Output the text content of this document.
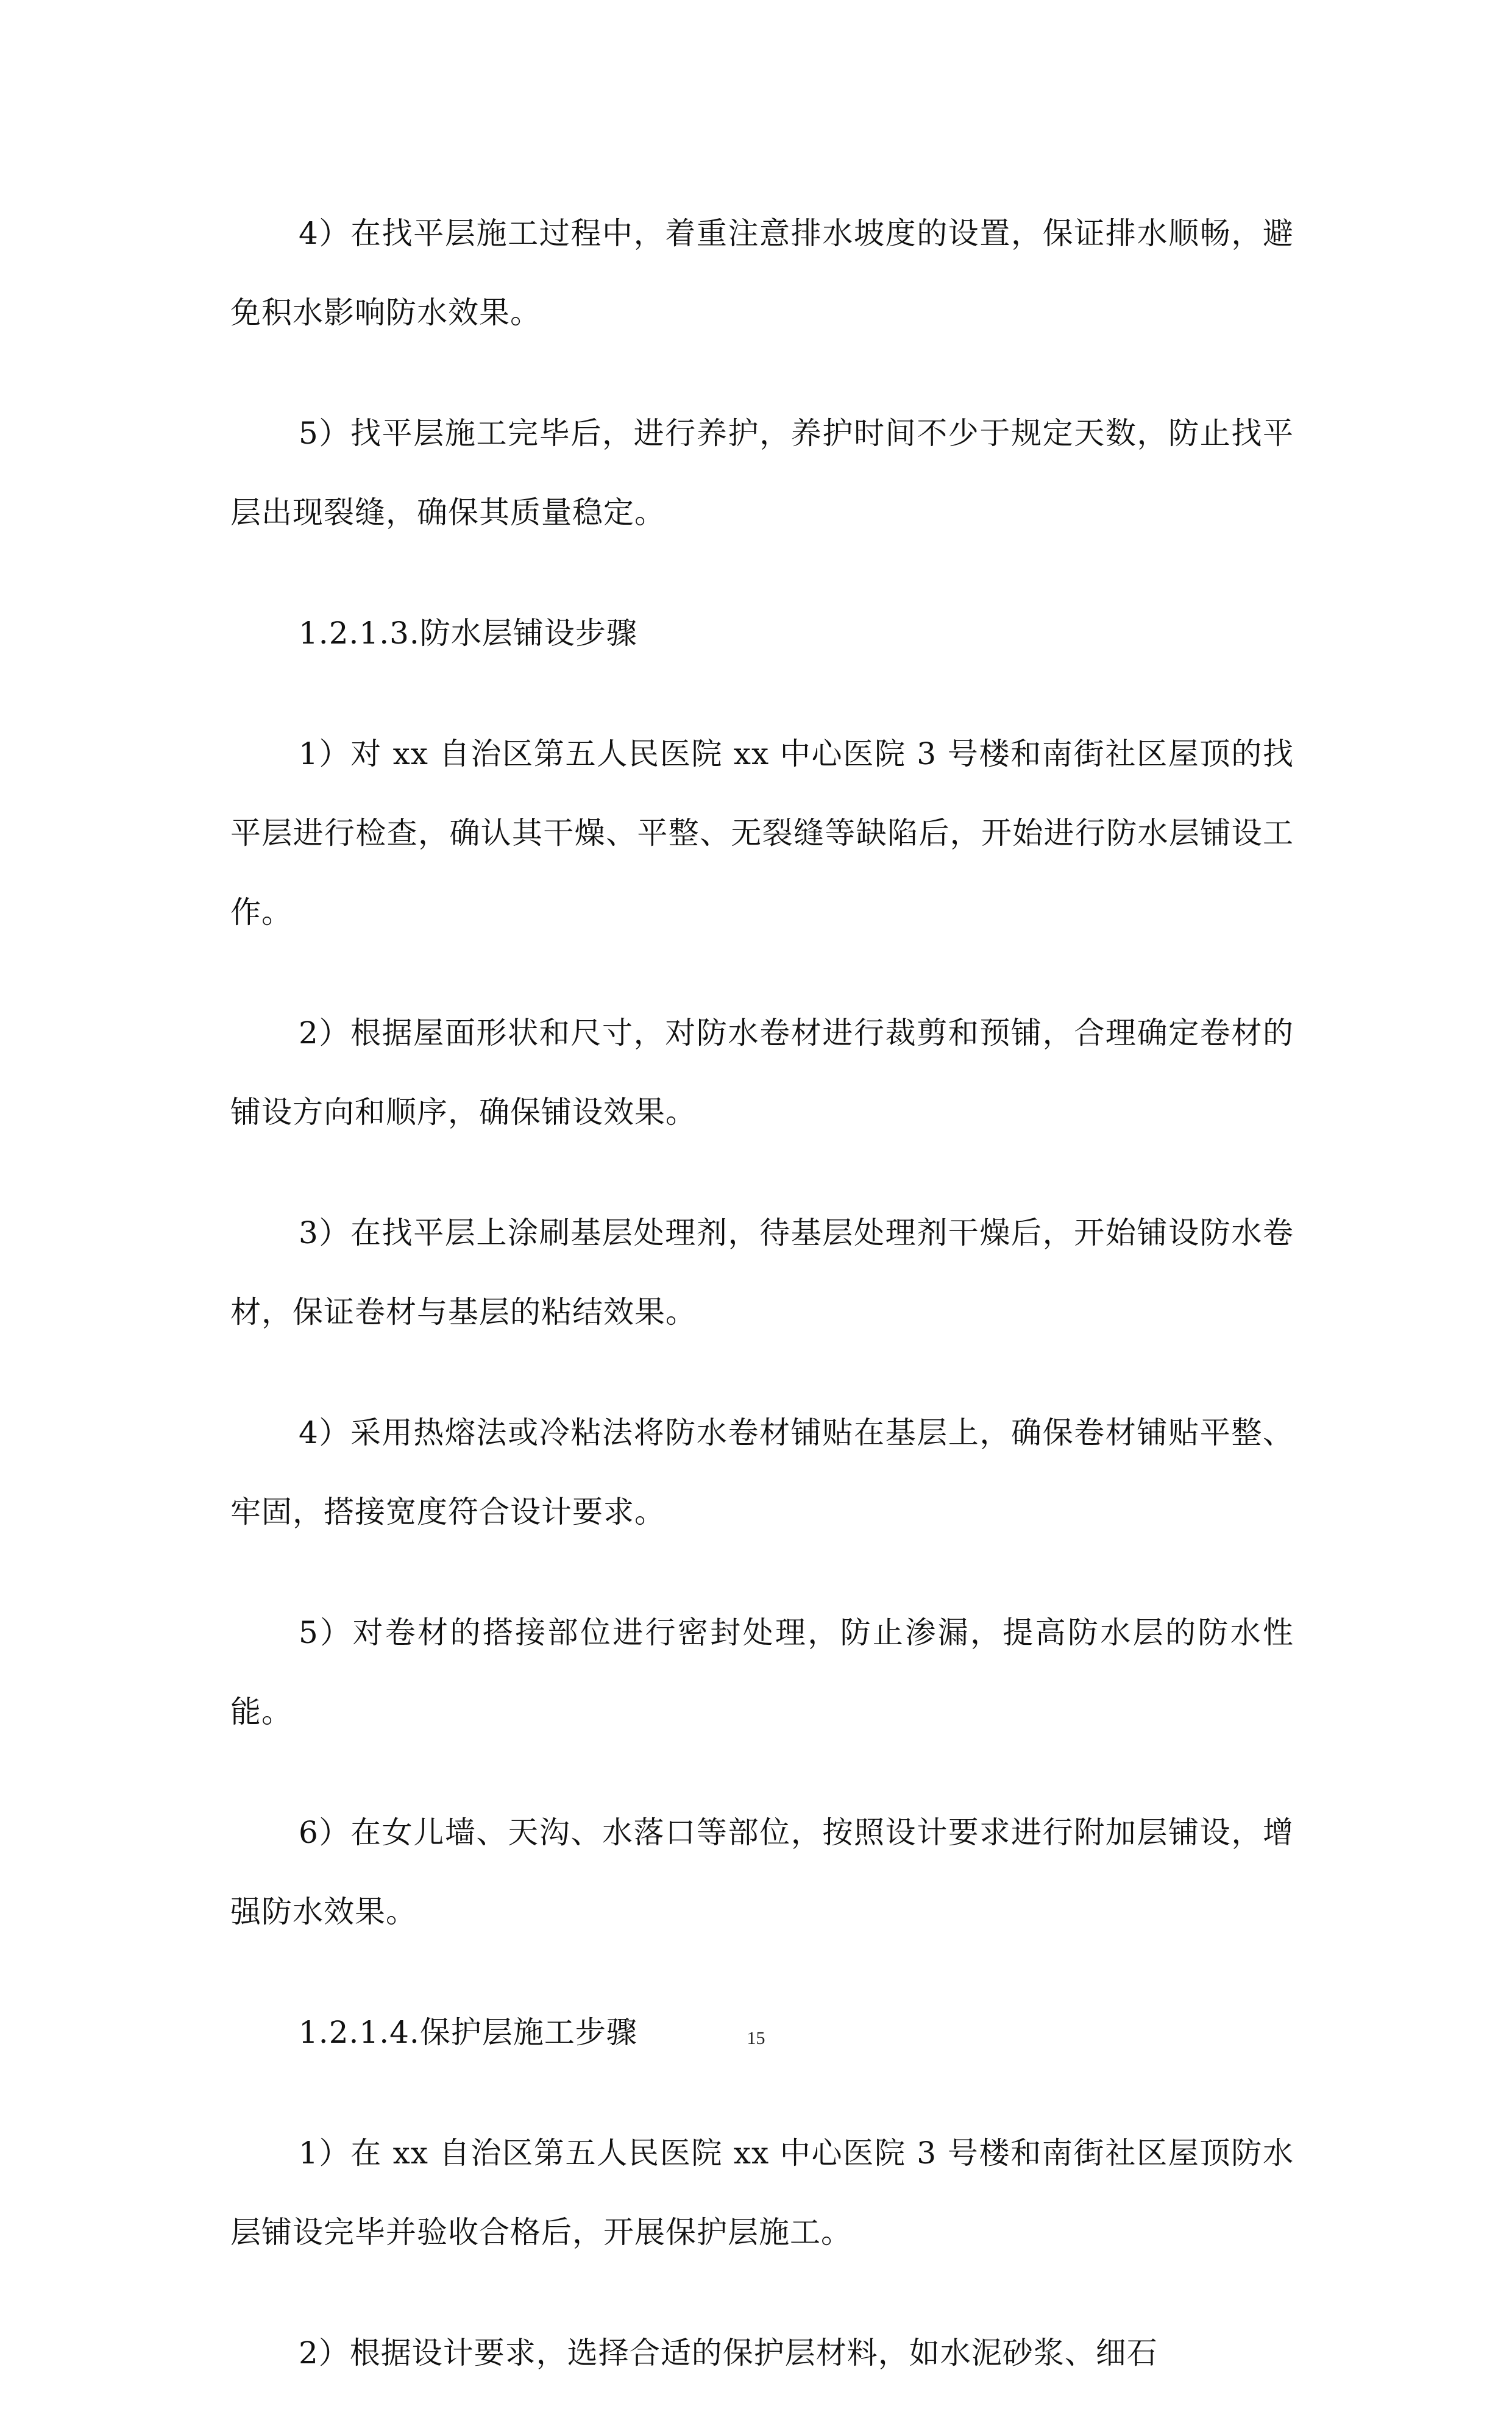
4）在找平层施工过程中，着重注意排水坡度的设置，保证排水顺畅，避免积水影响防水效果。

5）找平层施工完毕后，进行养护，养护时间不少于规定天数，防止找平层出现裂缝，确保其质量稳定。

1.2.1.3.防水层铺设步骤

1）对 xx 自治区第五人民医院 xx 中心医院 3 号楼和南街社区屋顶的找平层进行检查，确认其干燥、平整、无裂缝等缺陷后，开始进行防水层铺设工作。

2）根据屋面形状和尺寸，对防水卷材进行裁剪和预铺，合理确定卷材的铺设方向和顺序，确保铺设效果。

3）在找平层上涂刷基层处理剂，待基层处理剂干燥后，开始铺设防水卷材，保证卷材与基层的粘结效果。

4）采用热熔法或冷粘法将防水卷材铺贴在基层上，确保卷材铺贴平整、牢固，搭接宽度符合设计要求。

5）对卷材的搭接部位进行密封处理，防止渗漏，提高防水层的防水性能。

6）在女儿墙、天沟、水落口等部位，按照设计要求进行附加层铺设，增强防水效果。

1.2.1.4.保护层施工步骤

1）在 xx 自治区第五人民医院 xx 中心医院 3 号楼和南街社区屋顶防水层铺设完毕并验收合格后，开展保护层施工。

2）根据设计要求，选择合适的保护层材料，如水泥砂浆、细石

15
